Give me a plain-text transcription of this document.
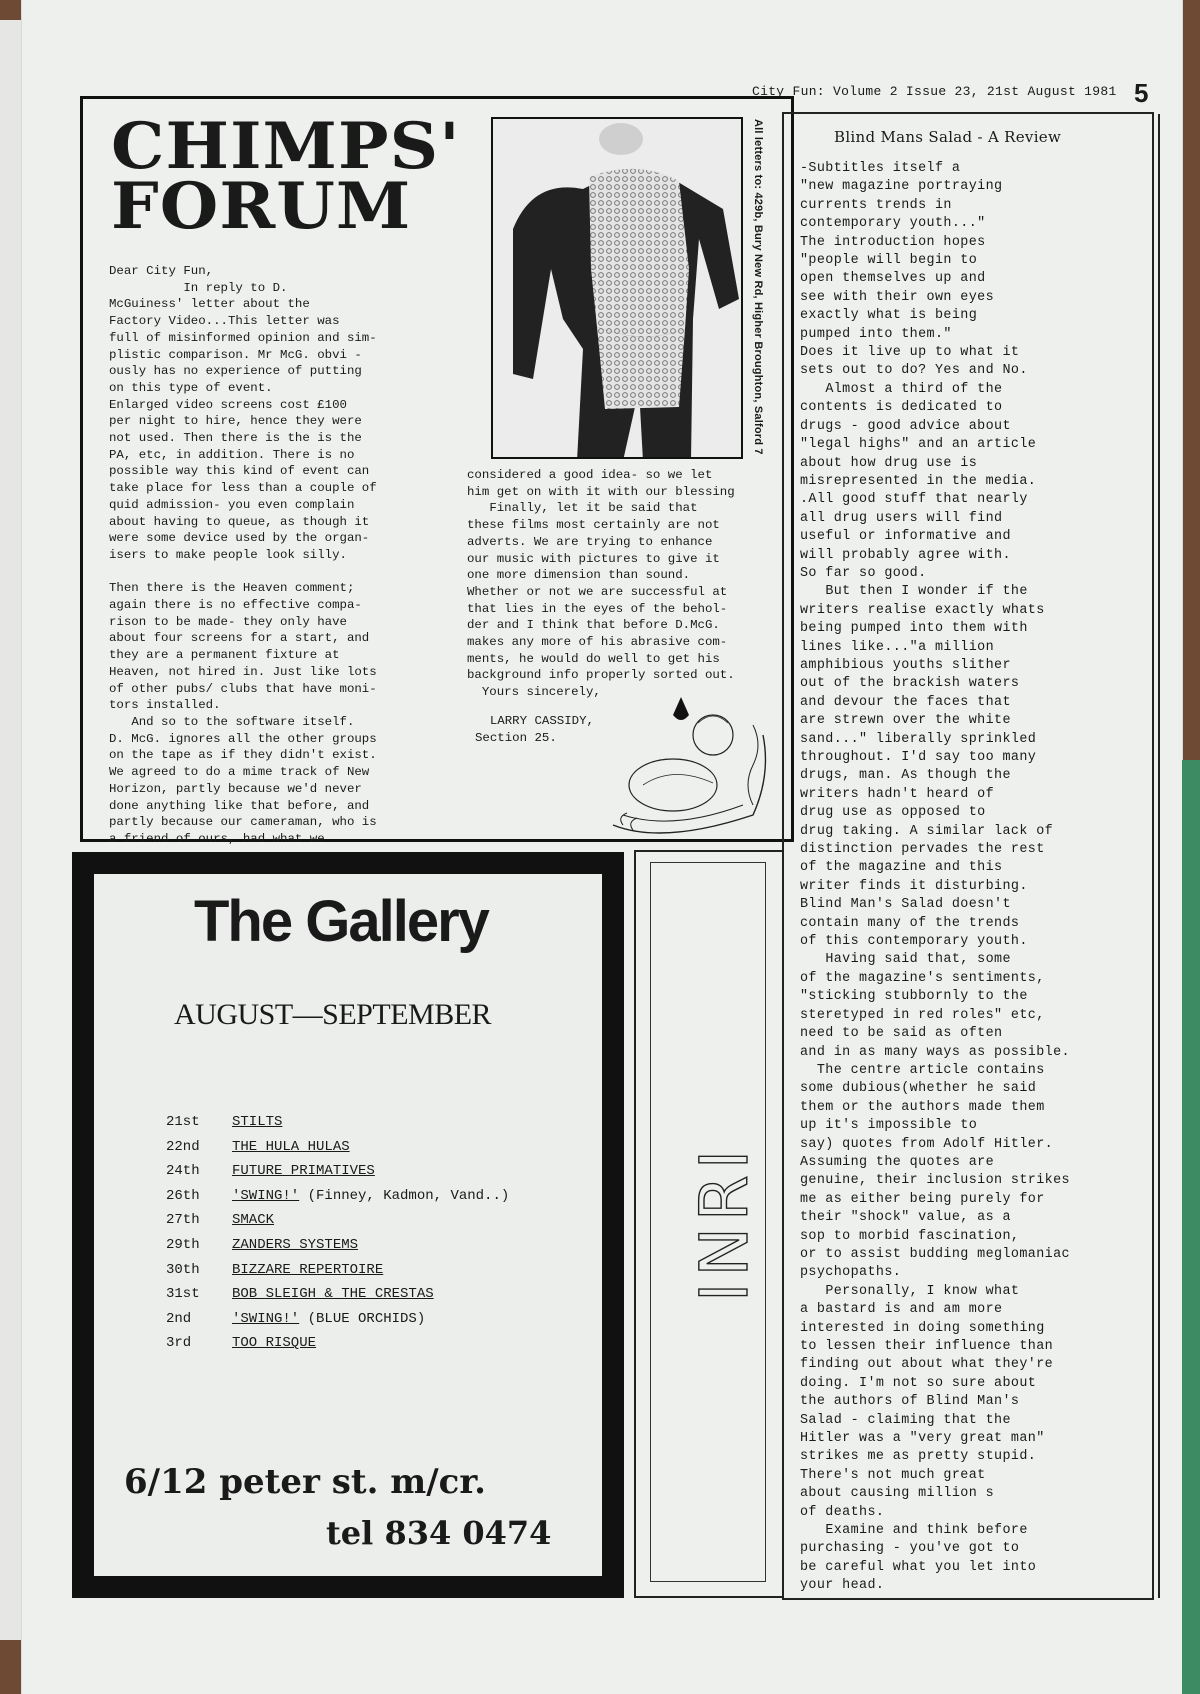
City Fun: Volume 2 Issue 23, 21st August 1981 5
CHIMPS'
FORUM
Dear City Fun,
In reply to D.
McGuiness' letter about the
Factory Video...This letter was
full of misinformed opinion and sim-
plistic comparison. Mr McG. obvi -
ously has no experience of putting
on this type of event.
Enlarged video screens cost £100
per night to hire, hence they were
not used. Then there is the is the
PA, etc, in addition. There is no
possible way this kind of event can
take place for less than a couple of
quid admission- you even complain
about having to queue, as though it
were some device used by the organ-
isers to make people look silly.

Then there is the Heaven comment;
again there is no effective compa-
rison to be made- they only have
about four screens for a start, and
they are a permanent fixture at
Heaven, not hired in. Just like lots
of other pubs/ clubs that have moni-
tors installed.
And so to the software itself.
D. McG. ignores all the other groups
on the tape as if they didn't exist.
We agreed to do a mime track of New
Horizon, partly because we'd never
done anything like that before, and
partly because our cameraman, who is
a friend of ours, had what we
All letters to: 429b, Bury New Rd, Higher Broughton, Salford 7
considered a good idea- so we let
him get on with it with our blessing
Finally, let it be said that
these films most certainly are not
adverts. We are trying to enhance
our music with pictures to give it
one more dimension than sound.
Whether or not we are successful at
that lies in the eyes of the behol-
der and I think that before D.McG.
makes any more of his abrasive com-
ments, he would do well to get his
background info properly sorted out.
Yours sincerely,
LARRY CASSIDY,
Section 25.
Blind Mans Salad - A Review
-Subtitles itself a
"new magazine portraying
currents trends in
contemporary youth..."
The introduction hopes
"people will begin to
open themselves up and
see with their own eyes
exactly what is being
pumped into them."
Does it live up to what it
sets out to do? Yes and No.
Almost a third of the
contents is dedicated to
drugs - good advice about
"legal highs" and an article
about how drug use is
misrepresented in the media.
.All good stuff that nearly
all drug users will find
useful or informative and
will probably agree with.
So far so good.
But then I wonder if the
writers realise exactly whats
being pumped into them with
lines like..."a million
amphibious youths slither
out of the brackish waters
and devour the faces that
are strewn over the white
sand..." liberally sprinkled
throughout. I'd say too many
drugs, man. As though the
writers hadn't heard of
drug use as opposed to
drug taking. A similar lack of
distinction pervades the rest
of the magazine and this
writer finds it disturbing.
Blind Man's Salad doesn't
contain many of the trends
of this contemporary youth.
Having said that, some
of the magazine's sentiments,
"sticking stubbornly to the
steretyped in red roles" etc,
need to be said as often
and in as many ways as possible.
The centre article contains
some dubious(whether he said
them or the authors made them
up it's impossible to
say) quotes from Adolf Hitler.
Assuming the quotes are
genuine, their inclusion strikes
me as either being purely for
their "shock" value, as a
sop to morbid fascination,
or to assist budding meglomaniac
psychopaths.
Personally, I know what
a bastard is and am more
interested in doing something
to lessen their influence than
finding out about what they're
doing. I'm not so sure about
the authors of Blind Man's
Salad - claiming that the
Hitler was a "very great man"
strikes me as pretty stupid.
There's not much great
about causing million s
of deaths.
Examine and think before
purchasing - you've got to
be careful what you let into
your head.
The Gallery
AUGUST—SEPTEMBER
21st	STILTS
22nd	THE HULA HULAS
24th	FUTURE PRIMATIVES
26th	'SWING!' (Finney, Kadmon, Vand..)
27th	SMACK
29th	ZANDERS SYSTEMS
30th	BIZZARE REPERTOIRE
31st	BOB SLEIGH & THE CRESTAS
2nd	'SWING!' (BLUE ORCHIDS)
3rd	TOO RISQUE
6/12 peter st. m/cr.
tel 834 0474
INRI
